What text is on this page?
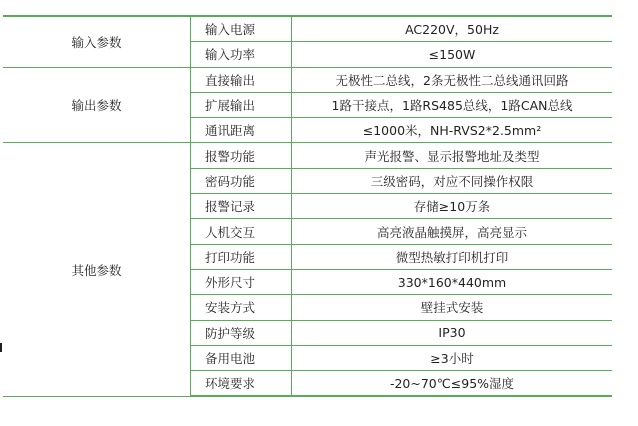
输入参数	输入电源	AC220V，50Hz
	输入功率	≤150W
输出参数	直接输出	无极性二总线，2条无极性二总线通讯回路
	扩展输出	1路干接点，1路RS485总线，1路CAN总线
	通讯距离	≤1000米，NH-RVS2*2.5mm²
其他参数	报警功能	声光报警、显示报警地址及类型
	密码功能	三级密码，对应不同操作权限
	报警记录	存储≥10万条
	人机交互	高亮液晶触摸屏，高亮显示
	打印功能	微型热敏打印机打印
	外形尺寸	330*160*440mm
	安装方式	壁挂式安装
	防护等级	IP30
	备用电池	≥3小时
	环境要求	-20~70℃≤95%湿度
